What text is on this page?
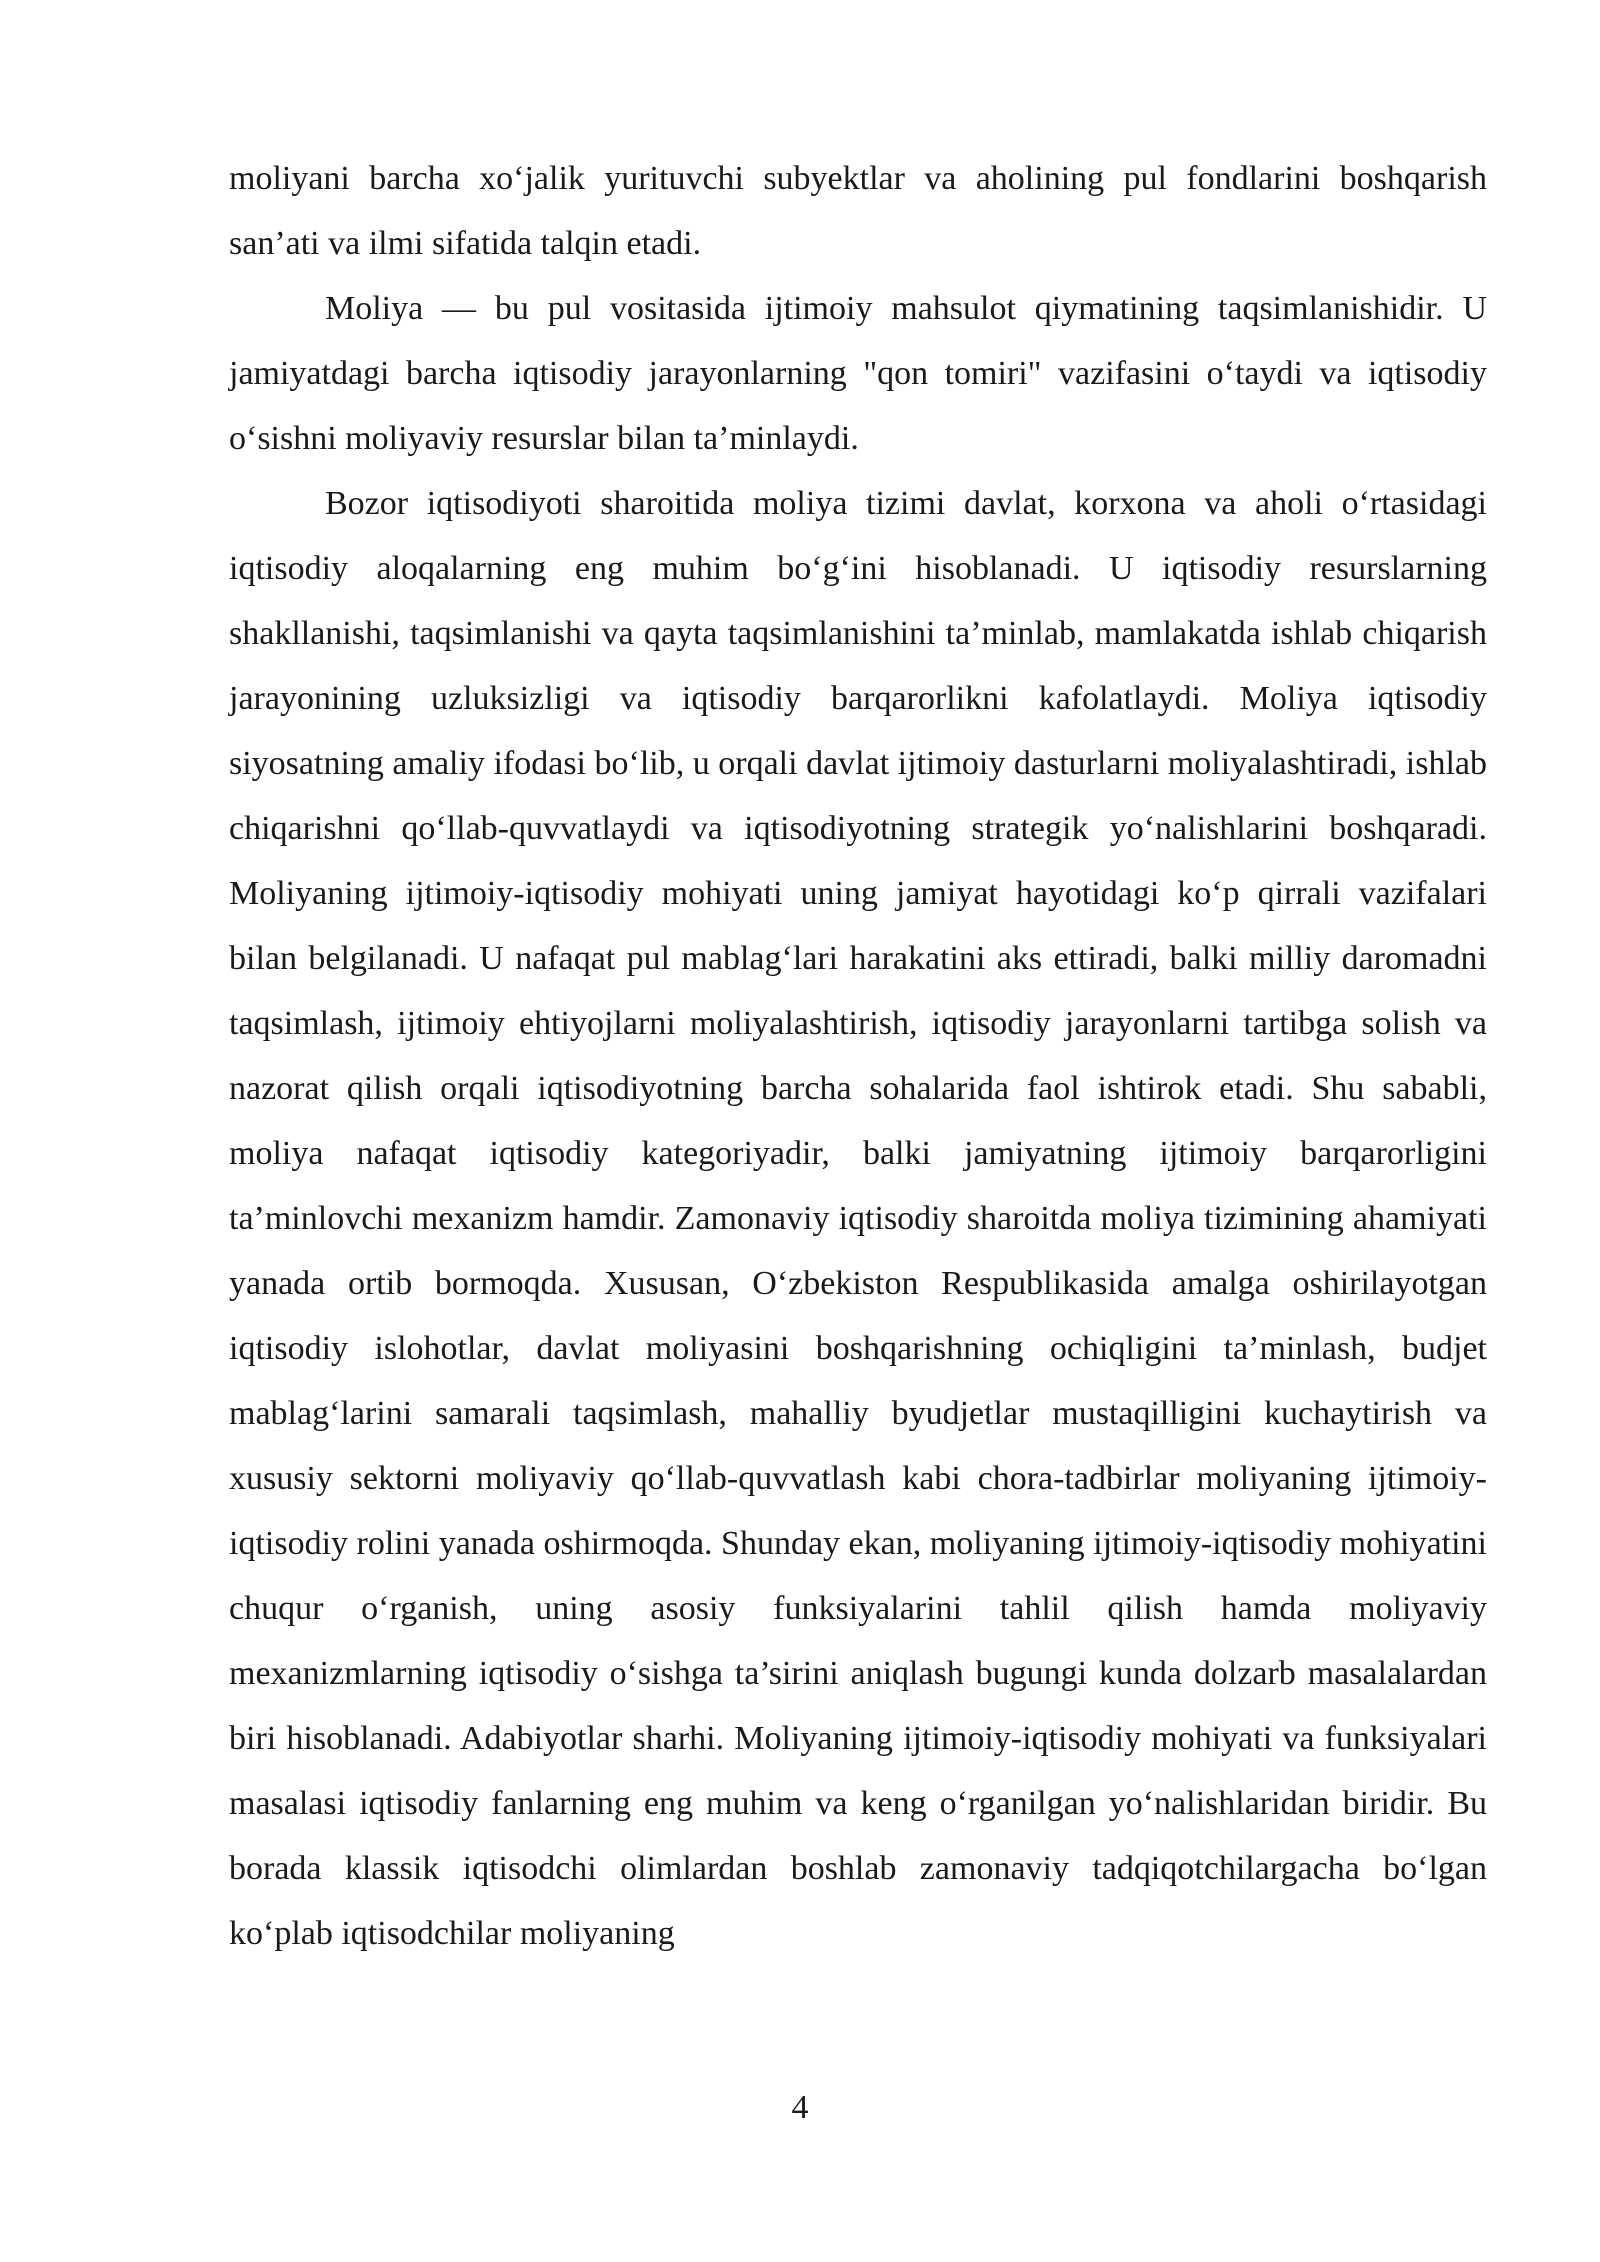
moliyani barcha xo‘jalik yurituvchi subyektlar va aholining pul fondlarini boshqarish san’ati va ilmi sifatida talqin etadi.

Moliya — bu pul vositasida ijtimoiy mahsulot qiymatining taqsimlanishidir. U jamiyatdagi barcha iqtisodiy jarayonlarning "qon tomiri" vazifasini o‘taydi va iqtisodiy o‘sishni moliyaviy resurslar bilan ta’minlaydi.

Bozor iqtisodiyoti sharoitida moliya tizimi davlat, korxona va aholi o‘rtasidagi iqtisodiy aloqalarning eng muhim bo‘g‘ini hisoblanadi. U iqtisodiy resurslarning shakllanishi, taqsimlanishi va qayta taqsimlanishini ta’minlab, mamlakatda ishlab chiqarish jarayonining uzluksizligi va iqtisodiy barqarorlikni kafolatlaydi. Moliya iqtisodiy siyosatning amaliy ifodasi bo‘lib, u orqali davlat ijtimoiy dasturlarni moliyalashtiradi, ishlab chiqarishni qo‘llab-quvvatlaydi va iqtisodiyotning strategik yo‘nalishlarini boshqaradi. Moliyaning ijtimoiy-iqtisodiy mohiyati uning jamiyat hayotidagi ko‘p qirrali vazifalari bilan belgilanadi. U nafaqat pul mablag‘lari harakatini aks ettiradi, balki milliy daromadni taqsimlash, ijtimoiy ehtiyojlarni moliyalashtirish, iqtisodiy jarayonlarni tartibga solish va nazorat qilish orqali iqtisodiyotning barcha sohalarida faol ishtirok etadi. Shu sababli, moliya nafaqat iqtisodiy kategoriyadir, balki jamiyatning ijtimoiy barqarorligini ta’minlovchi mexanizm hamdir. Zamonaviy iqtisodiy sharoitda moliya tizimining ahamiyati yanada ortib bormoqda. Xususan, O‘zbekiston Respublikasida amalga oshirilayotgan iqtisodiy islohotlar, davlat moliyasini boshqarishning ochiqligini ta’minlash, budjet mablag‘larini samarali taqsimlash, mahalliy byudjetlar mustaqilligini kuchaytirish va xususiy sektorni moliyaviy qo‘llab-quvvatlash kabi chora-tadbirlar moliyaning ijtimoiy-iqtisodiy rolini yanada oshirmoqda. Shunday ekan, moliyaning ijtimoiy-iqtisodiy mohiyatini chuqur o‘rganish, uning asosiy funksiyalarini tahlil qilish hamda moliyaviy mexanizmlarning iqtisodiy o‘sishga ta’sirini aniqlash bugungi kunda dolzarb masalalardan biri hisoblanadi. Adabiyotlar sharhi. Moliyaning ijtimoiy-iqtisodiy mohiyati va funksiyalari masalasi iqtisodiy fanlarning eng muhim va keng o‘rganilgan yo‘nalishlaridan biridir. Bu borada klassik iqtisodchi olimlardan boshlab zamonaviy tadqiqotchilargacha bo‘lgan ko‘plab iqtisodchilar moliyaning

4
